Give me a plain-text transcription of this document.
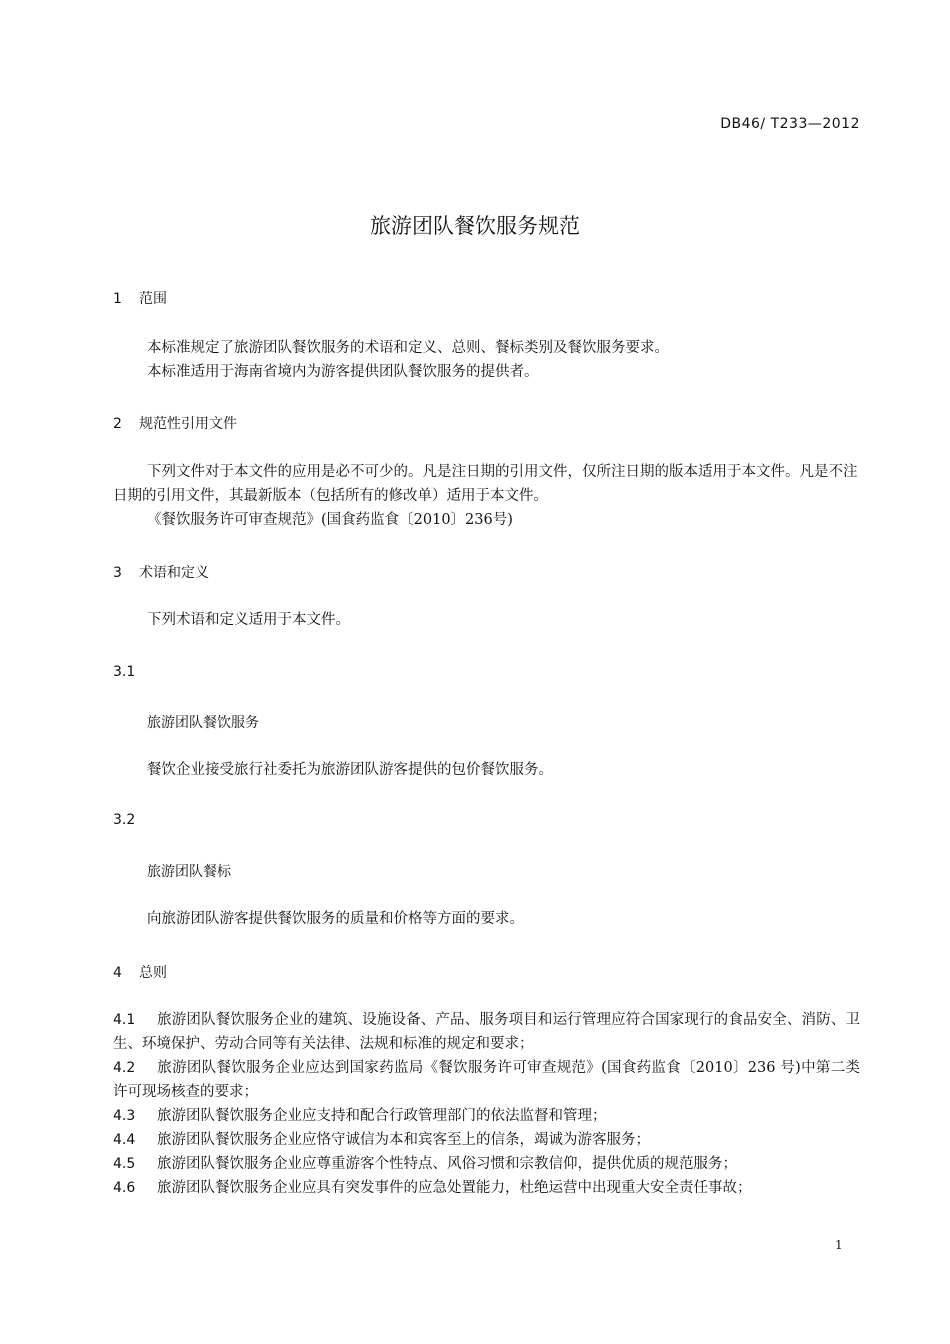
DB46/ T233—2012
旅游团队餐饮服务规范
1 范围
本标准规定了旅游团队餐饮服务的术语和定义、总则、餐标类别及餐饮服务要求。
本标准适用于海南省境内为游客提供团队餐饮服务的提供者。
2 规范性引用文件
下列文件对于本文件的应用是必不可少的。凡是注日期的引用文件，仅所注日期的版本适用于本文件。凡是不注日期的引用文件，其最新版本（包括所有的修改单）适用于本文件。
《餐饮服务许可审查规范》(国食药监食〔2010〕236号)
3 术语和定义
下列术语和定义适用于本文件。
3.1
旅游团队餐饮服务
餐饮企业接受旅行社委托为旅游团队游客提供的包价餐饮服务。
3.2
旅游团队餐标
向旅游团队游客提供餐饮服务的质量和价格等方面的要求。
4 总则
4.1 旅游团队餐饮服务企业的建筑、设施设备、产品、服务项目和运行管理应符合国家现行的食品安全、消防、卫生、环境保护、劳动合同等有关法律、法规和标准的规定和要求；
4.2 旅游团队餐饮服务企业应达到国家药监局《餐饮服务许可审查规范》(国食药监食〔2010〕236 号)中第二类许可现场核查的要求；
4.3 旅游团队餐饮服务企业应支持和配合行政管理部门的依法监督和管理；
4.4 旅游团队餐饮服务企业应恪守诚信为本和宾客至上的信条，竭诚为游客服务；
4.5 旅游团队餐饮服务企业应尊重游客个性特点、风俗习惯和宗教信仰，提供优质的规范服务；
4.6 旅游团队餐饮服务企业应具有突发事件的应急处置能力，杜绝运营中出现重大安全责任事故；
1
